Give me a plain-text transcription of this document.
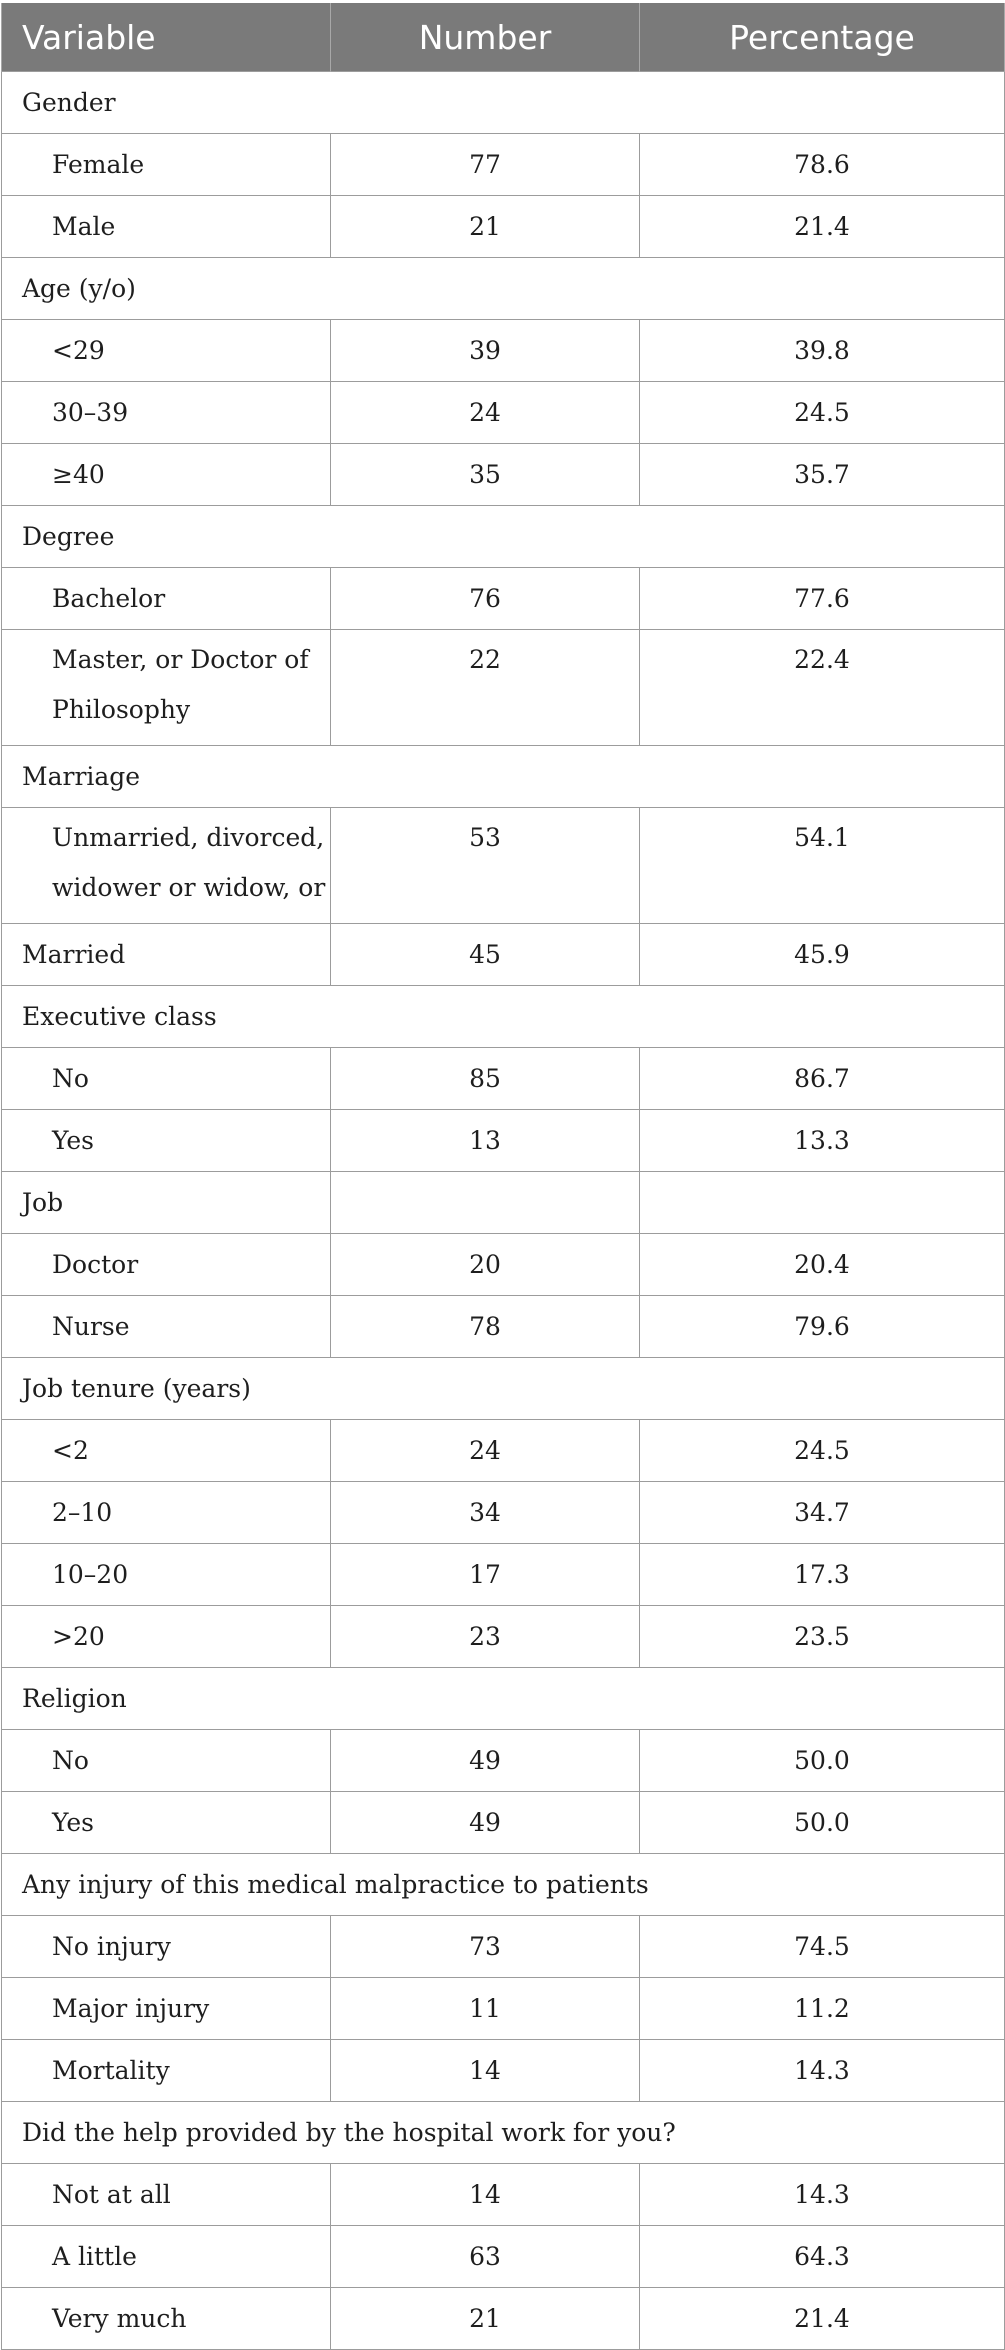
Variable	Number	Percentage
Gender		
Female	77	78.6
Male	21	21.4
Age (y/o)		
<29	39	39.8
30–39	24	24.5
≥40	35	35.7
Degree		
Bachelor	76	77.6
Master, or Doctor of Philosophy	22	22.4
Marriage		
Unmarried, divorced, widower or widow, or	53	54.1
Married	45	45.9
Executive class		
No	85	86.7
Yes	13	13.3
Job		
Doctor	20	20.4
Nurse	78	79.6
Job tenure (years)		
<2	24	24.5
2–10	34	34.7
10–20	17	17.3
>20	23	23.5
Religion		
No	49	50.0
Yes	49	50.0
Any injury of this medical malpractice to patients		
No injury	73	74.5
Major injury	11	11.2
Mortality	14	14.3
Did the help provided by the hospital work for you?		
Not at all	14	14.3
A little	63	64.3
Very much	21	21.4
